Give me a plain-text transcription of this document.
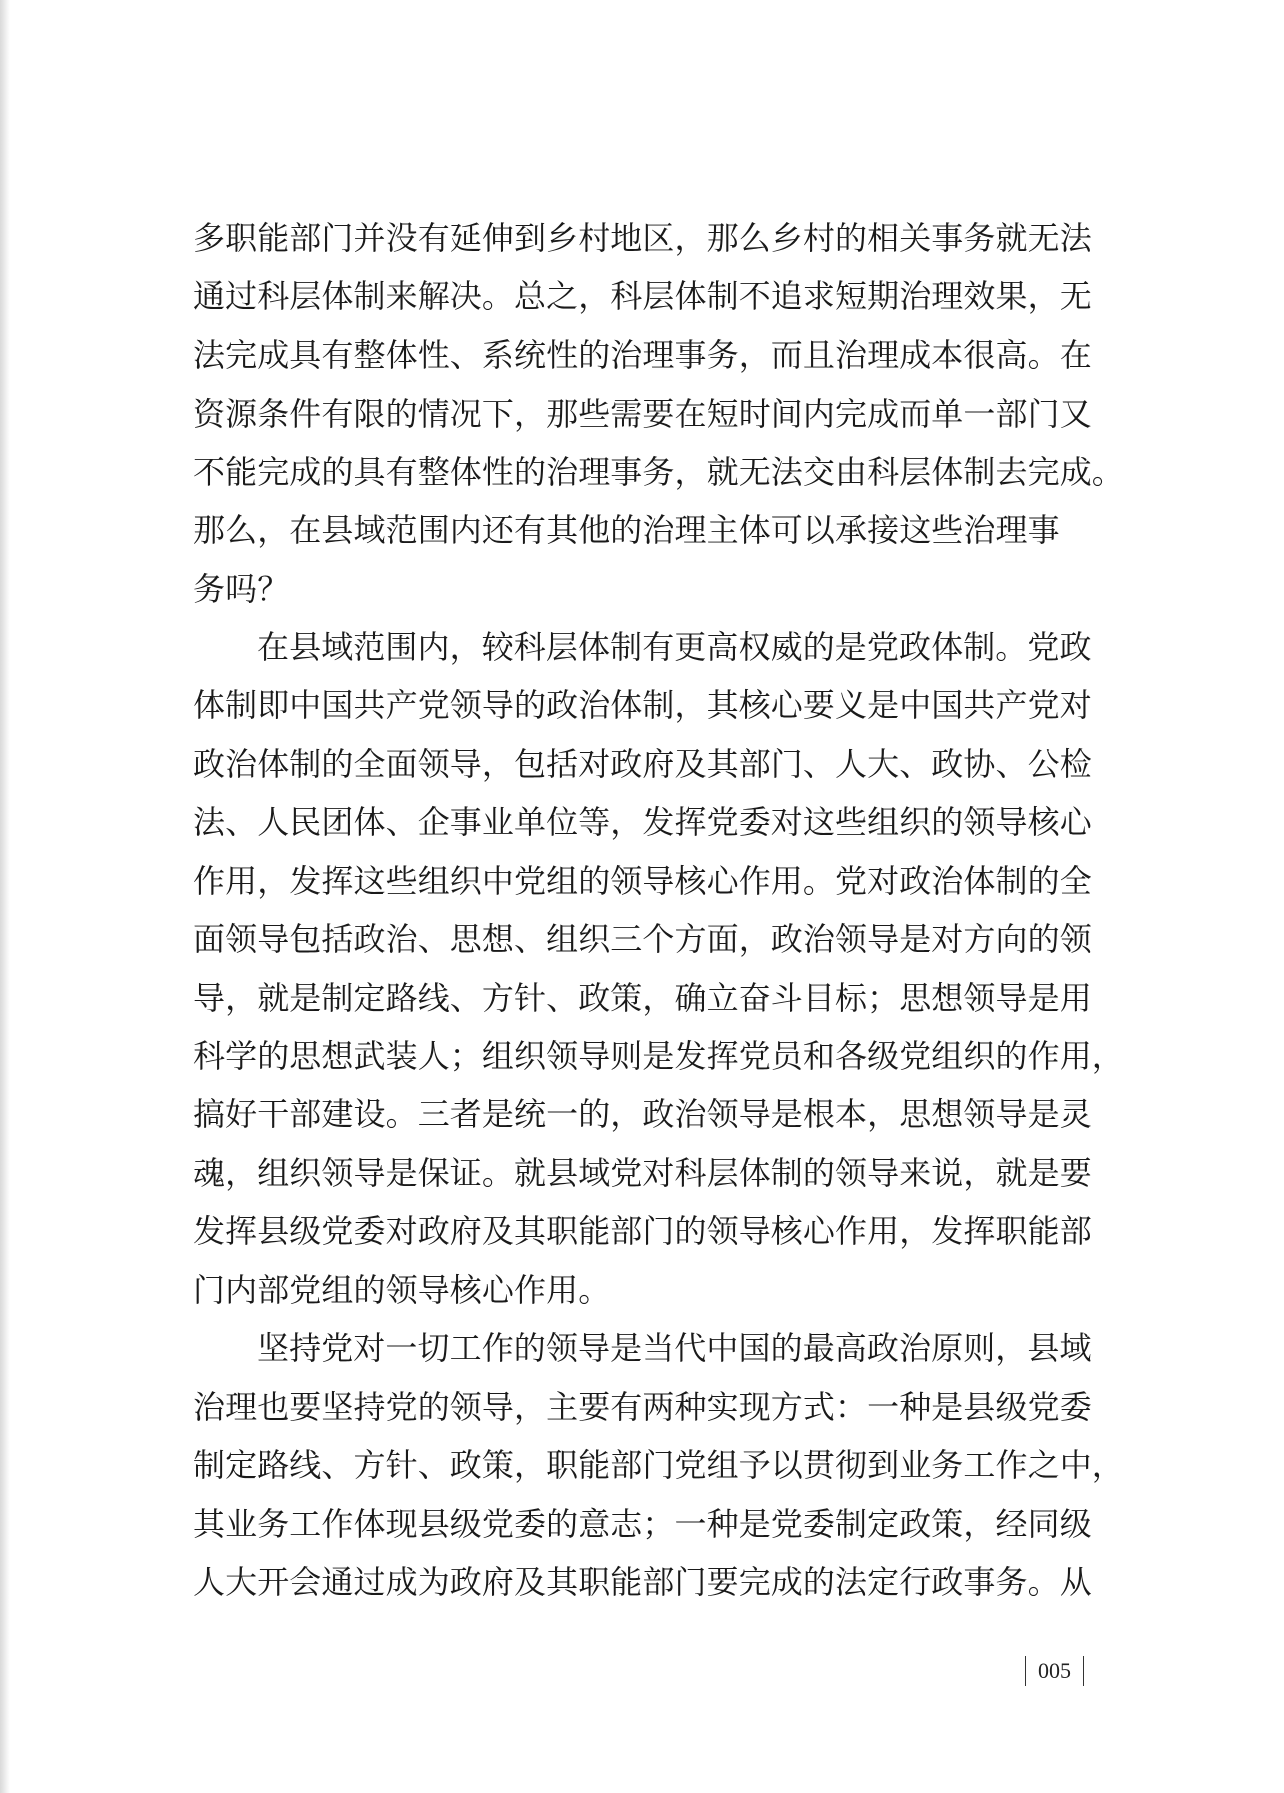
多职能部门并没有延伸到乡村地区，那么乡村的相关事务就无法
通过科层体制来解决。总之，科层体制不追求短期治理效果，无
法完成具有整体性、系统性的治理事务，而且治理成本很高。在
资源条件有限的情况下，那些需要在短时间内完成而单一部门又
不能完成的具有整体性的治理事务，就无法交由科层体制去完成。
那么，在县域范围内还有其他的治理主体可以承接这些治理事
务吗？
在县域范围内，较科层体制有更高权威的是党政体制。党政
体制即中国共产党领导的政治体制，其核心要义是中国共产党对
政治体制的全面领导，包括对政府及其部门、人大、政协、公检
法、人民团体、企事业单位等，发挥党委对这些组织的领导核心
作用，发挥这些组织中党组的领导核心作用。党对政治体制的全
面领导包括政治、思想、组织三个方面，政治领导是对方向的领
导，就是制定路线、方针、政策，确立奋斗目标；思想领导是用
科学的思想武装人；组织领导则是发挥党员和各级党组织的作用，
搞好干部建设。三者是统一的，政治领导是根本，思想领导是灵
魂，组织领导是保证。就县域党对科层体制的领导来说，就是要
发挥县级党委对政府及其职能部门的领导核心作用，发挥职能部
门内部党组的领导核心作用。
坚持党对一切工作的领导是当代中国的最高政治原则，县域
治理也要坚持党的领导，主要有两种实现方式：一种是县级党委
制定路线、方针、政策，职能部门党组予以贯彻到业务工作之中，
其业务工作体现县级党委的意志；一种是党委制定政策，经同级
人大开会通过成为政府及其职能部门要完成的法定行政事务。从
005
